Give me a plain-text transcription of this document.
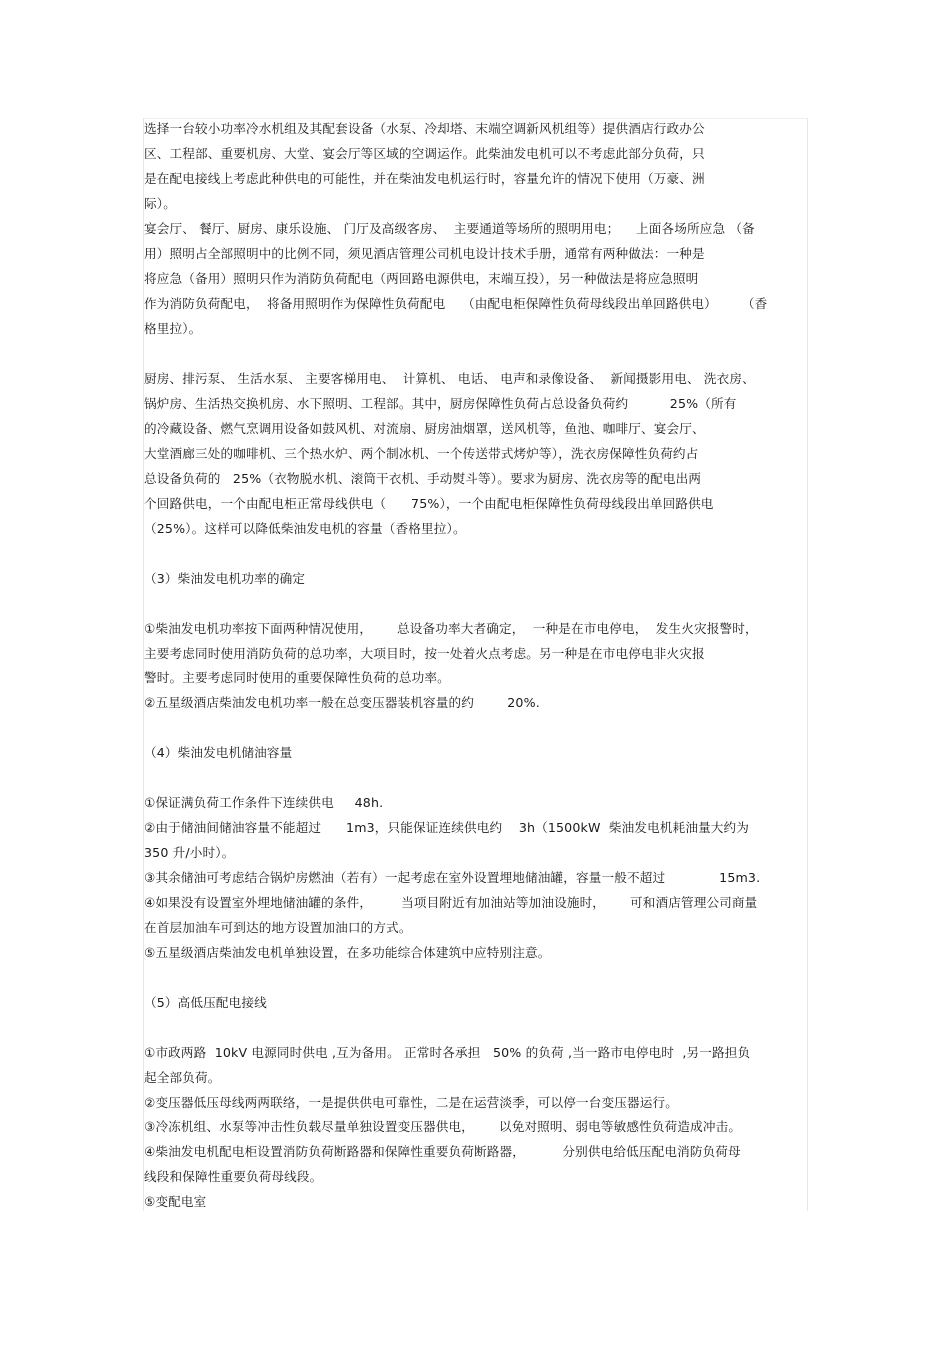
选择一台较小功率冷水机组及其配套设备（水泵、冷却塔、末端空调新风机组等）提供酒店行政办公
区、工程部、重要机房、大堂、宴会厅等区域的空调运作。此柴油发电机可以不考虑此部分负荷，只
是在配电接线上考虑此种供电的可能性，并在柴油发电机运行时，容量允许的情况下使用（万豪、洲
际）。
宴会厅、 餐厅、厨房、康乐设施、 门厅及高级客房、  主要通道等场所的照明用电；    上面各场所应急 （备
用）照明占全部照明中的比例不同，须见酒店管理公司机电设计技术手册，通常有两种做法：一种是
将应急（备用）照明只作为消防负荷配电（两回路电源供电，末端互投），另一种做法是将应急照明
作为消防负荷配电，  将备用照明作为保障性负荷配电    （由配电柜保障性负荷母线段出单回路供电）      （香
格里拉）。
厨房、排污泵、 生活水泵、 主要客梯用电、  计算机、 电话、 电声和录像设备、  新闻摄影用电、 洗衣房、
锅炉房、生活热交换机房、水下照明、工程部。其中，厨房保障性负荷占总设备负荷约          25%（所有
的冷藏设备、燃气烹调用设备如鼓风机、对流扇、厨房油烟罩，送风机等，鱼池、咖啡厅、宴会厅、
大堂酒廊三处的咖啡机、三个热水炉、两个制冰机、一个传送带式烤炉等），洗衣房保障性负荷约占
总设备负荷的   25%（衣物脱水机、滚筒干衣机、手动熨斗等）。要求为厨房、洗衣房等的配电出两
个回路供电，一个由配电柜正常母线供电（      75%），一个由配电柜保障性负荷母线段出单回路供电
（25%）。这样可以降低柴油发电机的容量（香格里拉）。
（3）柴油发电机功率的确定
①柴油发电机功率按下面两种情况使用，      总设备功率大者确定，  一种是在市电停电，  发生火灾报警时，
主要考虑同时使用消防负荷的总功率，大项目时，按一处着火点考虑。另一种是在市电停电非火灾报
警时。主要考虑同时使用的重要保障性负荷的总功率。
②五星级酒店柴油发电机功率一般在总变压器装机容量的约        20%.
（4）柴油发电机储油容量
①保证满负荷工作条件下连续供电     48h.
②由于储油间储油容量不能超过      1m3，只能保证连续供电约    3h（1500kW  柴油发电机耗油量大约为
350 升/小时）。
③其余储油可考虑结合锅炉房燃油（若有）一起考虑在室外设置埋地储油罐，容量一般不超过             15m3.
④如果没有设置室外埋地储油罐的条件，       当项目附近有加油站等加油设施时，      可和酒店管理公司商量
在首层加油车可到达的地方设置加油口的方式。
⑤五星级酒店柴油发电机单独设置，在多功能综合体建筑中应特别注意。
（5）高低压配电接线
①市政两路  10kV 电源同时供电 ,互为备用。 正常时各承担   50% 的负荷 ,当一路市电停电时  ,另一路担负
起全部负荷。
②变压器低压母线两两联络，一是提供供电可靠性，二是在运营淡季，可以停一台变压器运行。
③冷冻机组、水泵等冲击性负载尽量单独设置变压器供电，      以免对照明、弱电等敏感性负荷造成冲击。
④柴油发电机配电柜设置消防负荷断路器和保障性重要负荷断路器，         分别供电给低压配电消防负荷母
线段和保障性重要负荷母线段。
⑤变配电室
